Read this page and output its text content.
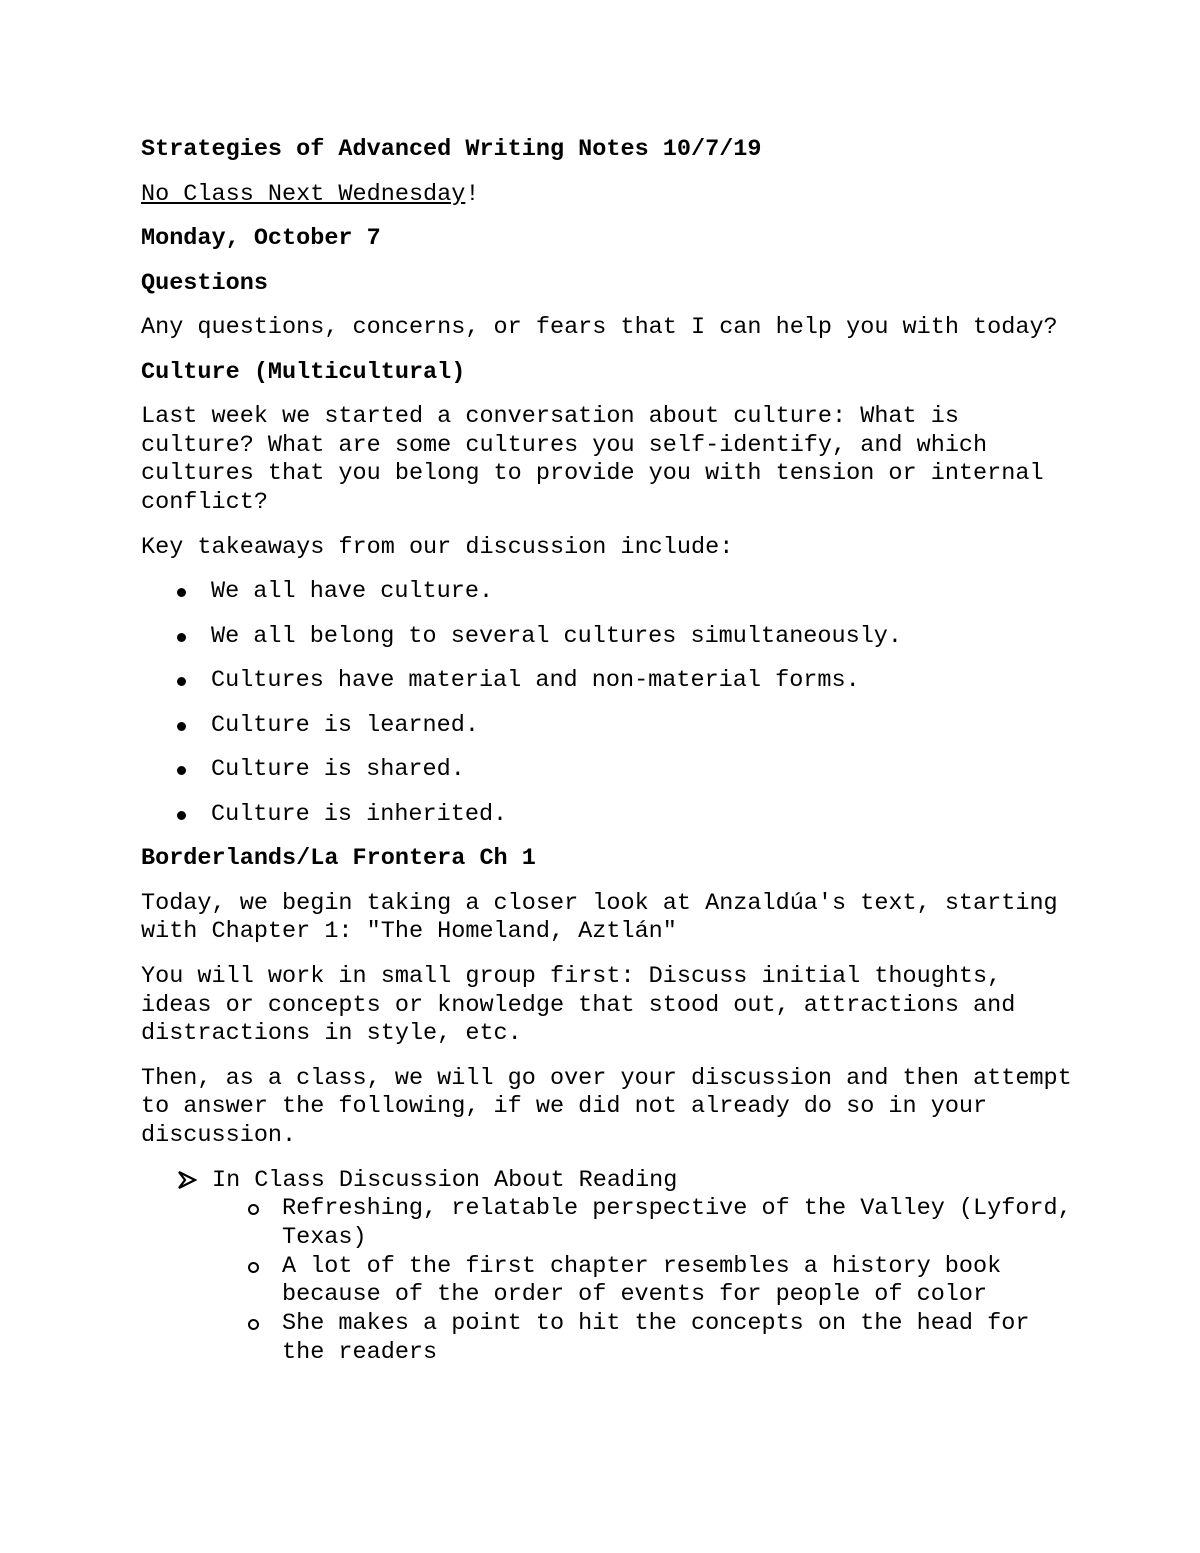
Strategies of Advanced Writing Notes 10/7/19

No Class Next Wednesday!

Monday, October 7

Questions

Any questions, concerns, or fears that I can help you with today?

Culture (Multicultural)

Last week we started a conversation about culture: What is culture? What are some cultures you self-identify, and which cultures that you belong to provide you with tension or internal conflict?

Key takeaways from our discussion include:

We all have culture.
We all belong to several cultures simultaneously.
Cultures have material and non-material forms.
Culture is learned.
Culture is shared.
Culture is inherited.

Borderlands/La Frontera Ch 1

Today, we begin taking a closer look at Anzaldúa's text, starting with Chapter 1: "The Homeland, Aztlán"

You will work in small group first: Discuss initial thoughts, ideas or concepts or knowledge that stood out, attractions and distractions in style, etc.

Then, as a class, we will go over your discussion and then attempt to answer the following, if we did not already do so in your discussion.

In Class Discussion About Reading
Refreshing, relatable perspective of the Valley (Lyford, Texas)
A lot of the first chapter resembles a history book because of the order of events for people of color
She makes a point to hit the concepts on the head for the readers
